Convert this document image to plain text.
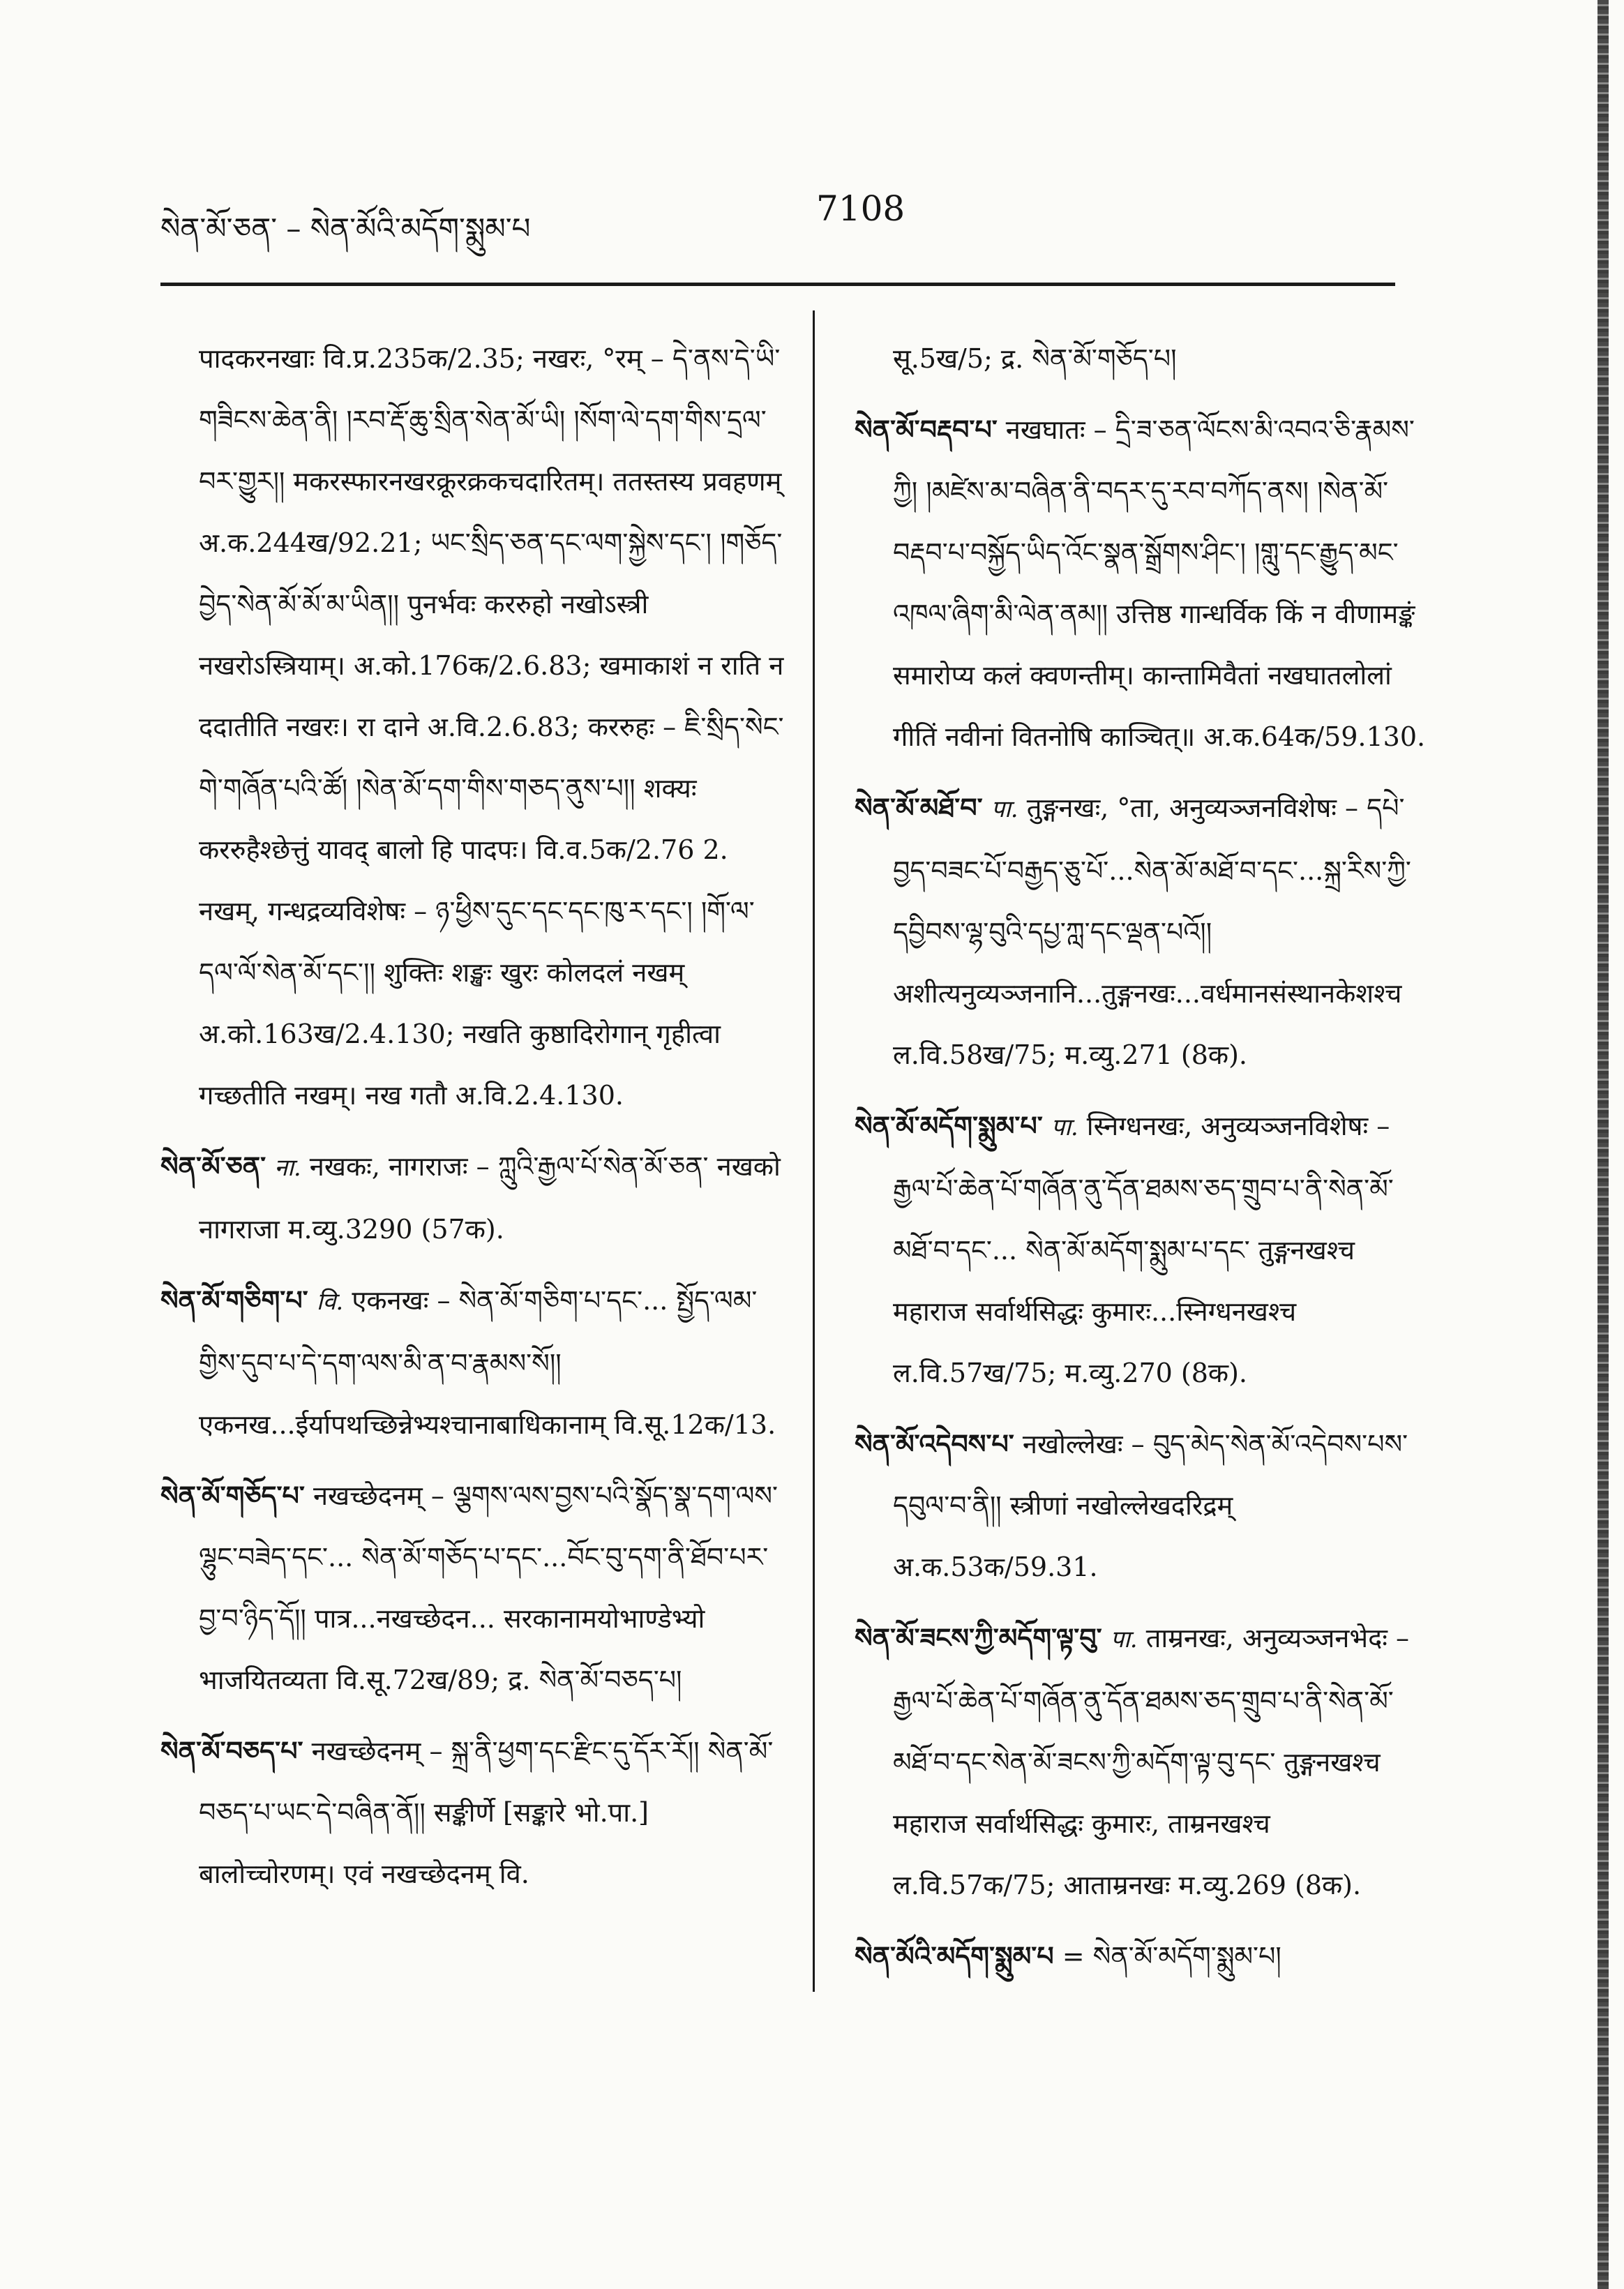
སེན་མོ་ཅན་ – སེན་མོའི་མདོག་སྨུམ་པ	7108
पादकरनखाः वि.प्र.235क/2.35; नखरः, °रम् – དེ་ནས་དེ་ཡི་གཟིངས་ཆེན་ནི། །རབ་རྡོ་ཆུ་སྲིན་སེན་མོ་ཡི། །སོག་ལེ་དག་གིས་དྲལ་བར་གྱུར།། मकरस्फारनखरक्रूरक्रकचदारितम्। ततस्तस्य प्रवहणम् अ.क.244ख/92.21; ཡང་སྲིད་ཅན་དང་ལག་སྐྱེས་དང་། །གཅོད་བྱེད་སེན་མོ་མོ་མ་ཡིན།། पुनर्भवः कररुहो नखोऽस्त्री नखरोऽस्त्रियाम्। अ.को.176क/2.6.83; खमाकाशं न राति न ददातीति नखरः। रा दाने अ.वि.2.6.83; कररुहः – ཇི་སྲིད་སེང་གེ་གཞོན་པའི་ཚོ། །སེན་མོ་དག་གིས་གཅད་ནུས་པ།། शक्यः कररुहैश्छेत्तुं यावद् बालो हि पादपः। वि.व.5क/2.76 2. नखम्, गन्धद्रव्यविशेषः – ཉ་ཕྱིས་དུང་དང་དང་ཁུ་ར་དང་། །གོ་ལ་དལ་ལོ་སེན་མོ་དང་།། शुक्तिः शङ्खः खुरः कोलदलं नखम् अ.को.163ख/2.4.130; नखति कुष्ठादिरोगान् गृहीत्वा गच्छतीति नखम्। नख गतौ अ.वि.2.4.130.
སེན་མོ་ཅན་ ना. नखकः, नागराजः – ཀླུའི་རྒྱལ་པོ་སེན་མོ་ཅན་ नखको नागराजा म.व्यु.3290 (57क).
སེན་མོ་གཅིག་པ་ वि. एकनखः – སེན་མོ་གཅིག་པ་དང་... སྤྱོད་ལམ་གྱིས་དུབ་པ་དེ་དག་ལས་མི་ན་བ་རྣམས་སོ།། एकनख...ईर्यापथच्छिन्नेभ्यश्चानाबाधिकानाम् वि.सू.12क/13.
སེན་མོ་གཅོད་པ་ नखच्छेदनम् – ལྕགས་ལས་བྱས་པའི་སྣོད་སྣ་དག་ལས་ལྷུང་བཟེད་དང་... སེན་མོ་གཅོད་པ་དང་...བོང་བུ་དག་ནི་ཐོབ་པར་བྱ་བ་ཉིད་དོ།། पात्र...नखच्छेदन... सरकानामयोभाण्डेभ्यो भाजयितव्यता वि.सू.72ख/89; द्र. སེན་མོ་བཅད་པ།
སེན་མོ་བཅད་པ་ नखच्छेदनम् – སྐྲ་ནི་ཕྱག་དང་རྫིང་དུ་དོར་རོ།། སེན་མོ་བཅད་པ་ཡང་དེ་བཞིན་ནོ།། सङ्कीर्णे [सङ्कारे भो.पा.] बालोच्चोरणम्। एवं नखच्छेदनम् वि.
सू.5ख/5; द्र. སེན་མོ་གཅོད་པ།
སེན་མོ་བརྡབ་པ་ नखघातः – དྲི་ཟ་ཅན་ལོངས་མི་འབའ་ཅི་རྣམས་ཀྱི། །མཛེས་མ་བཞིན་ནི་བདར་དུ་རབ་བཀོད་ནས། །སེན་མོ་བརྡབ་པ་བསྐྱོད་ཡིད་འོང་སྣན་སྒྲོགས་ཤིང་། །གླུ་དང་རྒྱུད་མང་འཁལ་ཞིག་མི་ལེན་ནམ།། उत्तिष्ठ गान्धर्विक किं न वीणामङ्कं समारोप्य कलं क्वणन्तीम्। कान्तामिवैतां नखघातलोलां गीतिं नवीनां वितनोषि काञ्चित्॥ अ.क.64क/59.130.
སེན་མོ་མཐོ་བ་ पा. तुङ्गनखः, °ता, अनुव्यञ्जनविशेषः – དཔེ་བྱད་བཟང་པོ་བརྒྱད་ཅུ་པོ་...སེན་མོ་མཐོ་བ་དང་...སྐྲ་རིས་ཀྱི་དབྱིབས་ལྷ་བུའི་དཔྱ་ཀླ་དང་ལྡན་པའོ།། अशीत्यनुव्यञ्जनानि...तुङ्गनखः...वर्धमानसंस्थानकेशश्च ल.वि.58ख/75; म.व्यु.271 (8क).
སེན་མོ་མདོག་སྨུམ་པ་ पा. स्निग्धनखः, अनुव्यञ्जनविशेषः – རྒྱལ་པོ་ཆེན་པོ་གཞོན་ནུ་དོན་ཐམས་ཅད་གྲུབ་པ་ནི་སེན་མོ་མཐོ་བ་དང་... སེན་མོ་མདོག་སྨུམ་པ་དང་ तुङ्गनखश्च महाराज सर्वार्थसिद्धः कुमारः...स्निग्धनखश्च ल.वि.57ख/75; म.व्यु.270 (8क).
སེན་མོ་འདེབས་པ་ नखोल्लेखः – བུད་མེད་སེན་མོ་འདེབས་པས་དབུལ་བ་ནི།། स्त्रीणां नखोल्लेखदरिद्रम् अ.क.53क/59.31.
སེན་མོ་ཟངས་ཀྱི་མདོག་ལྟ་བུ་ पा. ताम्रनखः, अनुव्यञ्जनभेदः – རྒྱལ་པོ་ཆེན་པོ་གཞོན་ནུ་དོན་ཐམས་ཅད་གྲུབ་པ་ནི་སེན་མོ་མཐོ་བ་དང་སེན་མོ་ཟངས་ཀྱི་མདོག་ལྟ་བུ་དང་ तुङ्गनखश्च महाराज सर्वार्थसिद्धः कुमारः, ताम्रनखश्च ल.वि.57क/75; आताम्रनखः म.व्यु.269 (8क).
སེན་མོའི་མདོག་སྨུམ་པ = སེན་མོ་མདོག་སྨུམ་པ།
